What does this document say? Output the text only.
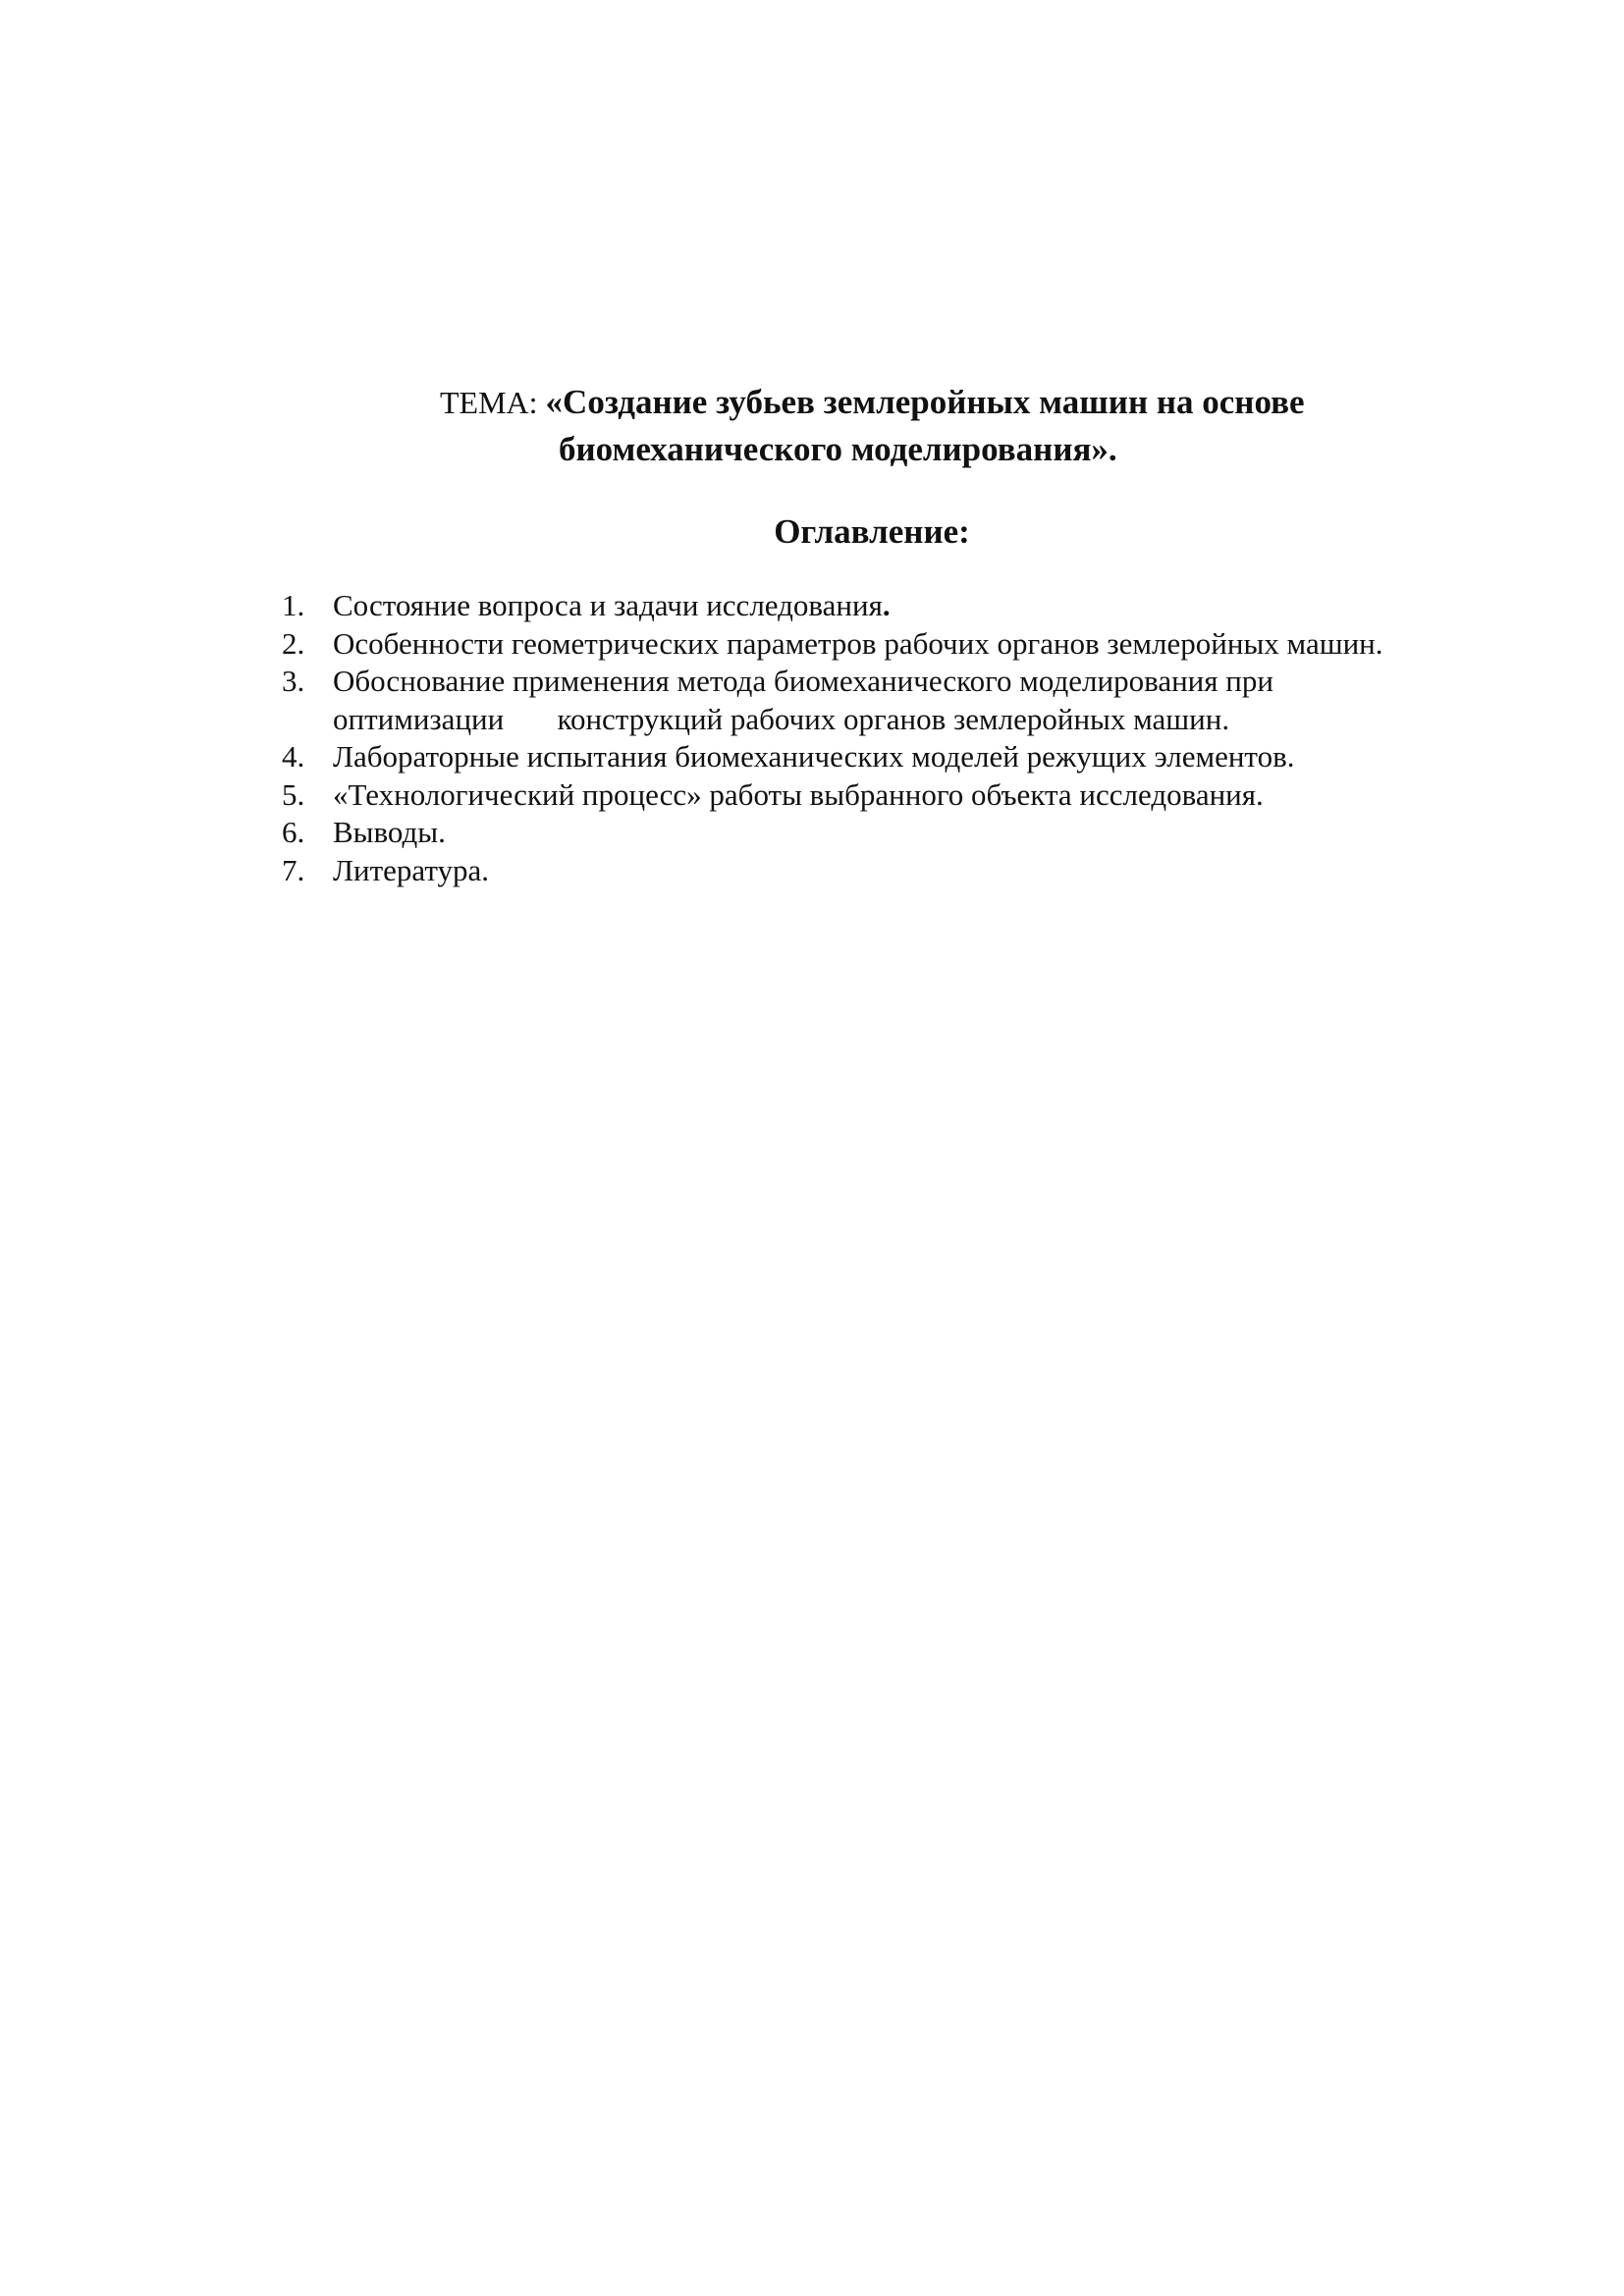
ТЕМА: «Создание зубьев землеройных машин на основе
биомеханического моделирования».
Оглавление:
1. Состояние вопроса и задачи исследования.
2. Особенности геометрических параметров рабочих органов землеройных машин.
3. Обоснование применения метода биомеханического моделирования при
оптимизации       конструкций рабочих органов землеройных машин.
4. Лабораторные испытания биомеханических моделей режущих элементов.
5. «Технологический процесс» работы выбранного объекта исследования.
6. Выводы.
7. Литература.
